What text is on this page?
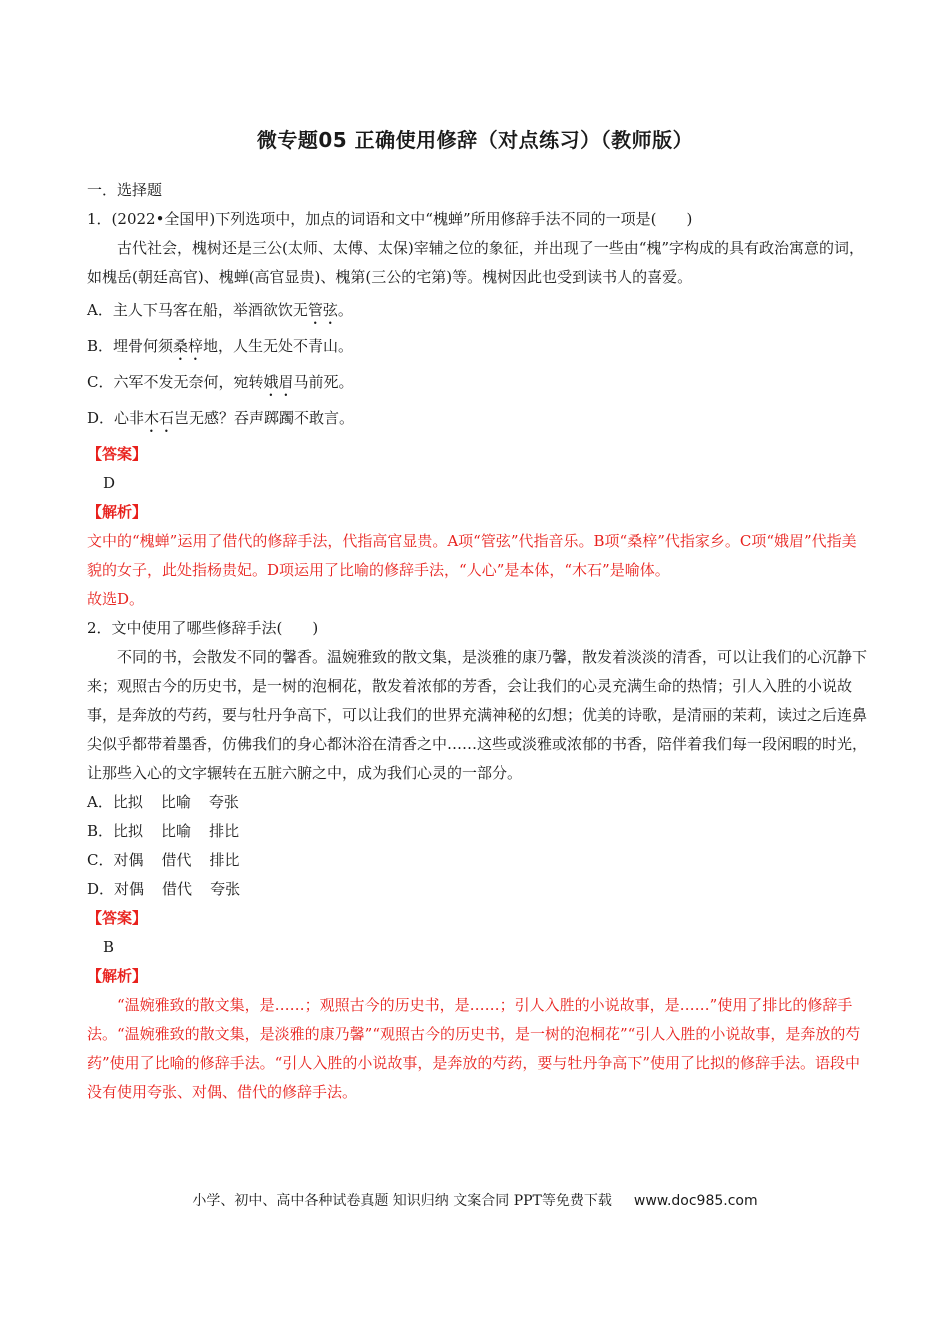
微专题05 正确使用修辞（对点练习）（教师版）

一．选择题

1．(2022•全国甲)下列选项中，加点的词语和文中“槐蝉”所用修辞手法不同的一项是(　　)

古代社会，槐树还是三公(太师、太傅、太保)宰辅之位的象征，并出现了一些由“槐”字构成的具有政治寓意的词，如槐岳(朝廷高官)、槐蝉(高官显贵)、槐第(三公的宅第)等。槐树因此也受到读书人的喜爱。

A．主人下马客在船，举酒欲饮无管弦。

B．埋骨何须桑梓地，人生无处不青山。

C．六军不发无奈何，宛转娥眉马前死。

D．心非木石岂无感？吞声踯躅不敢言。

【答案】

D

【解析】

文中的“槐蝉”运用了借代的修辞手法，代指高官显贵。A项“管弦”代指音乐。B项“桑梓”代指家乡。C项“娥眉”代指美貌的女子，此处指杨贵妃。D项运用了比喻的修辞手法，“人心”是本体，“木石”是喻体。

故选D。

2．文中使用了哪些修辞手法(　　)

不同的书，会散发不同的馨香。温婉雅致的散文集，是淡雅的康乃馨，散发着淡淡的清香，可以让我们的心沉静下来；观照古今的历史书，是一树的泡桐花，散发着浓郁的芳香，会让我们的心灵充满生命的热情；引人入胜的小说故事，是奔放的芍药，要与牡丹争高下，可以让我们的世界充满神秘的幻想；优美的诗歌，是清丽的茉莉，读过之后连鼻尖似乎都带着墨香，仿佛我们的身心都沐浴在清香之中……这些或淡雅或浓郁的书香，陪伴着我们每一段闲暇的时光，让那些入心的文字辗转在五脏六腑之中，成为我们心灵的一部分。

A．比拟 比喻 夸张

B．比拟 比喻 排比

C．对偶 借代 排比

D．对偶 借代 夸张

【答案】

B

【解析】

“温婉雅致的散文集，是……；观照古今的历史书，是……；引人入胜的小说故事，是……”使用了排比的修辞手法。“温婉雅致的散文集，是淡雅的康乃馨”“观照古今的历史书，是一树的泡桐花”“引人入胜的小说故事，是奔放的芍药”使用了比喻的修辞手法。“引人入胜的小说故事，是奔放的芍药，要与牡丹争高下”使用了比拟的修辞手法。语段中没有使用夸张、对偶、借代的修辞手法。

小学、初中、高中各种试卷真题 知识归纳 文案合同 PPT等免费下载 www.doc985.com
